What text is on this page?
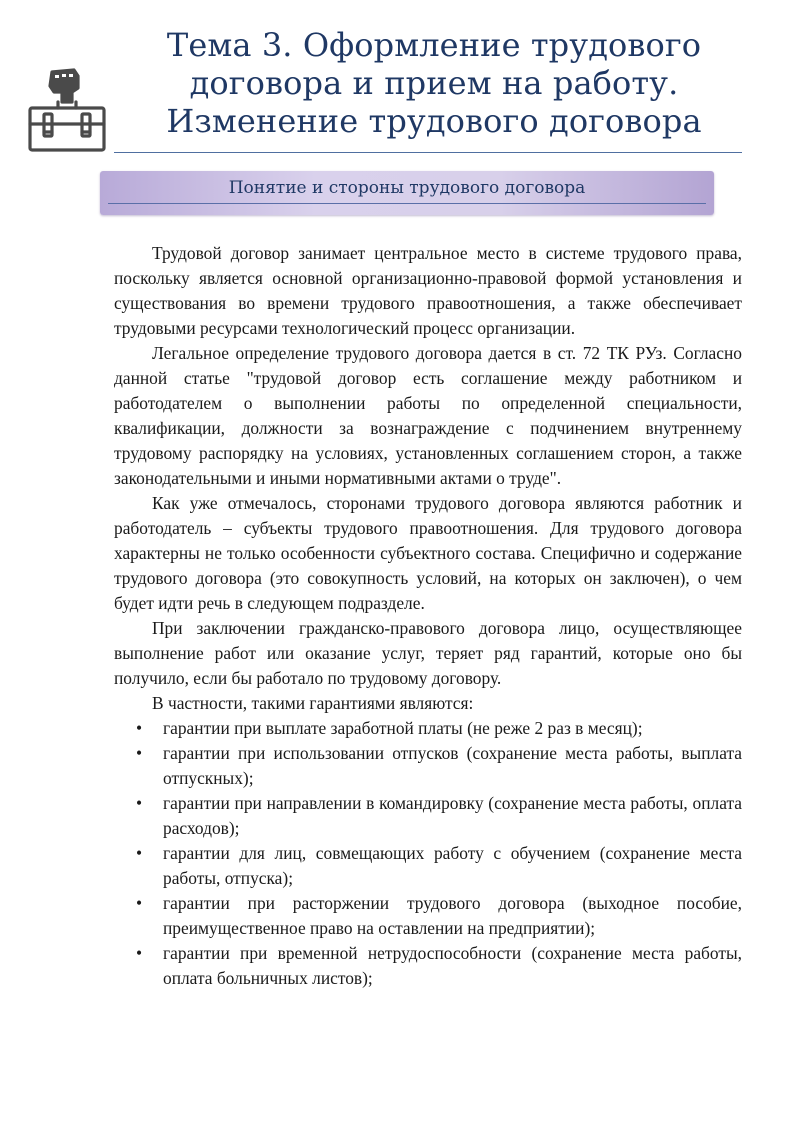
Тема 3. Оформление трудового
договора и прием на работу.
Изменение трудового договора
Понятие и стороны трудового договора

Трудовой договор занимает центральное место в системе трудового права, поскольку является основной организационно-правовой формой установления и существования во времени трудового правоотношения, а также обеспечивает трудовыми ресурсами технологический процесс организации.

Легальное определение трудового договора дается в ст. 72 ТК РУз. Согласно данной статье "трудовой договор есть соглашение между работником и работодателем о выполнении работы по определенной специальности, квалификации, должности за вознаграждение с подчинением внутреннему трудовому распорядку на условиях, установленных соглашением сторон, а также законодательными и иными нормативными актами о труде".

Как уже отмечалось, сторонами трудового договора являются работник и работодатель – субъекты трудового правоотношения. Для трудового договора характерны не только особенности субъектного состава. Специфично и содержание трудового договора (это совокупность условий, на которых он заключен), о чем будет идти речь в следующем подразделе.

При заключении гражданско-правового договора лицо, осуществляющее выполнение работ или оказание услуг, теряет ряд гарантий, которые оно бы получило, если бы работало по трудовому договору.

В частности, такими гарантиями являются:

• гарантии при выплате заработной платы (не реже 2 раз в месяц);
• гарантии при использовании отпусков (сохранение места работы, выплата отпускных);
• гарантии при направлении в командировку (сохранение места работы, оплата расходов);
• гарантии для лиц, совмещающих работу с обучением (сохранение места работы, отпуска);
• гарантии при расторжении трудового договора (выходное пособие, преимущественное право на оставлении на предприятии);
• гарантии при временной нетрудоспособности (сохранение места работы, оплата больничных листов);
